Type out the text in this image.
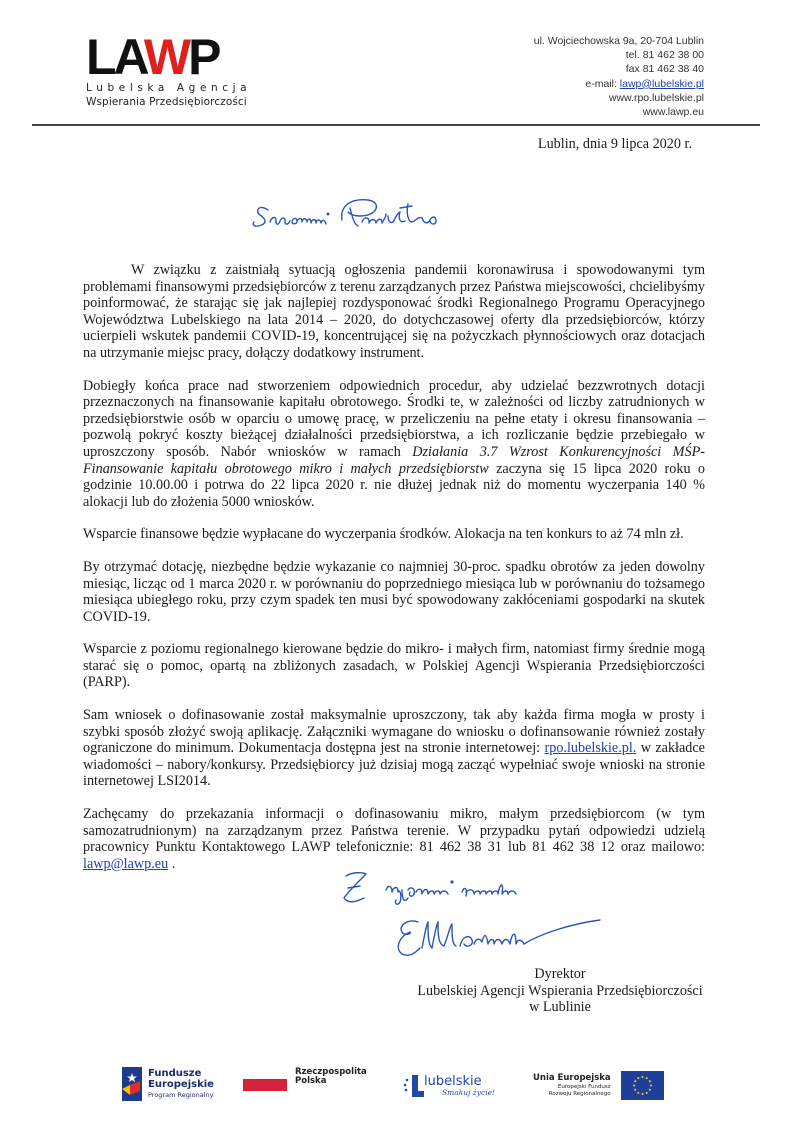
LAWP
Lubelska Agencja
Wspierania Przedsiębiorczości
ul. Wojciechowska 9a, 20-704 Lublin
tel. 81 462 38 00
fax 81 462 38 40
e-mail: lawp@lubelskie.pl
www.rpo.lubelskie.pl
www.lawp.eu
Lublin, dnia 9 lipca 2020 r.

W związku z zaistniałą sytuacją ogłoszenia pandemii koronawirusa i spowodowanymi tym problemami finansowymi przedsiębiorców z terenu zarządzanych przez Państwa miejscowości, chcielibyśmy poinformować, że starając się jak najlepiej rozdysponować środki Regionalnego Programu Operacyjnego Województwa Lubelskiego na lata 2014 – 2020, do dotychczasowej oferty dla przedsiębiorców, którzy ucierpieli wskutek pandemii COVID-19, koncentrującej się na pożyczkach płynnościowych oraz dotacjach na utrzymanie miejsc pracy, dołączy dodatkowy instrument.

Dobiegły końca prace nad stworzeniem odpowiednich procedur, aby udzielać bezzwrotnych dotacji przeznaczonych na finansowanie kapitału obrotowego. Środki te, w zależności od liczby zatrudnionych w przedsiębiorstwie osób w oparciu o umowę pracę, w przeliczeniu na pełne etaty i okresu finansowania – pozwolą pokryć koszty bieżącej działalności przedsiębiorstwa, a ich rozliczanie będzie przebiegało w uproszczony sposób. Nabór wniosków w ramach Działania 3.7 Wzrost Konkurencyjności MŚP-Finansowanie kapitału obrotowego mikro i małych przedsiębiorstw zaczyna się 15 lipca 2020 roku o godzinie 10.00.00 i potrwa do 22 lipca 2020 r. nie dłużej jednak niż do momentu wyczerpania 140 % alokacji lub do złożenia 5000 wniosków.

Wsparcie finansowe będzie wypłacane do wyczerpania środków. Alokacja na ten konkurs to aż 74 mln zł.

By otrzymać dotację, niezbędne będzie wykazanie co najmniej 30-proc. spadku obrotów za jeden dowolny miesiąc, licząc od 1 marca 2020 r. w porównaniu do poprzedniego miesiąca lub w porównaniu do tożsamego miesiąca ubiegłego roku, przy czym spadek ten musi być spowodowany zakłóceniami gospodarki na skutek COVID-19.

Wsparcie z poziomu regionalnego kierowane będzie do mikro- i małych firm, natomiast firmy średnie mogą starać się o pomoc, opartą na zbliżonych zasadach, w Polskiej Agencji Wspierania Przedsiębiorczości (PARP).

Sam wniosek o dofinasowanie został maksymalnie uproszczony, tak aby każda firma mogła w prosty i szybki sposób złożyć swoją aplikację. Załączniki wymagane do wniosku o dofinansowanie również zostały ograniczone do minimum. Dokumentacja dostępna jest na stronie internetowej: rpo.lubelskie.pl. w zakładce wiadomości – nabory/konkursy. Przedsiębiorcy już dzisiaj mogą zacząć wypełniać swoje wnioski na stronie internetowej LSI2014.

Zachęcamy do przekazania informacji o dofinasowaniu mikro, małym przedsiębiorcom (w tym samozatrudnionym) na zarządzanym przez Państwa terenie. W przypadku pytań odpowiedzi udzielą pracownicy Punktu Kontaktowego LAWP telefonicznie: 81 462 38 31 lub 81 462 38 12 oraz mailowo: lawp@lawp.eu .

Dyrektor
Lubelskiej Agencji Wspierania Przedsiębiorczości
w Lublinie
Fundusze
Europejskie
Program Regionalny
Rzeczpospolita
Polska	lubelskie
Smakuj życie!
Unia Europejska
Europejski Fundusz
Rozwoju Regionalnego
